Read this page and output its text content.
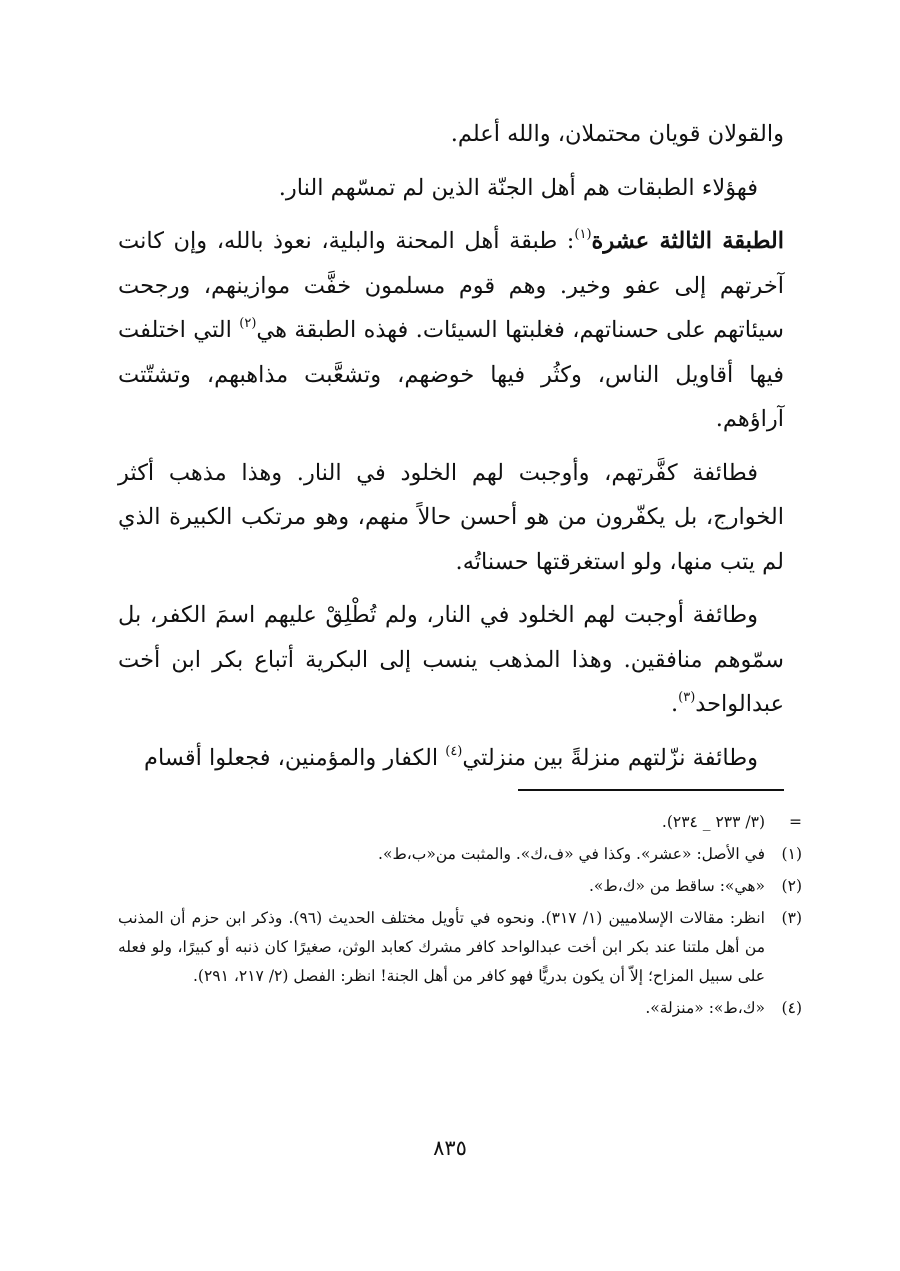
والقولان قويان محتملان، والله أعلم.

فهؤلاء الطبقات هم أهل الجنّة الذين لم تمسّهم النار.

الطبقة الثالثة عشرة$^{(١)}$: طبقة أهل المحنة والبلية، نعوذ بالله، وإن كانت آخرتهم إلى عفو وخير. وهم قوم مسلمون خفَّت موازينهم، ورجحت سيئاتهم على حسناتهم، فغلبتها السيئات. فهذه الطبقة هي$^{(٢)}$ التي اختلفت فيها أقاويل الناس، وكثُر فيها خوضهم، وتشعَّبت مذاهبهم، وتشتّتت آراؤهم.

فطائفة كفَّرتهم، وأوجبت لهم الخلود في النار. وهذا مذهب أكثر الخوارج، بل يكفّرون من هو أحسن حالاً منهم، وهو مرتكب الكبيرة الذي لم يتب منها، ولو استغرقتها حسناتُه.

وطائفة أوجبت لهم الخلود في النار، ولم تُطْلِقْ عليهم اسمَ الكفر، بل سمّوهم منافقين. وهذا المذهب ينسب إلى البكرية أتباع بكر ابن أخت عبدالواحد$^{(٣)}$.

وطائفة نزّلتهم منزلةً بين منزلتي$^{(٤)}$ الكفار والمؤمنين، فجعلوا أقسام

=
(٣/ ٢٣٣ _ ٢٣٤).
(١)
في الأصل: «عشر». وكذا في «ف،ك». والمثبت من«ب،ط».
(٢)
«هي»: ساقط من «ك،ط».
(٣)
انظر: مقالات الإسلاميين (١/ ٣١٧). ونحوه في تأويل مختلف الحديث (٩٦). وذكر ابن حزم أن المذنب من أهل ملتنا عند بكر ابن أخت عبدالواحد كافر مشرك كعابد الوثن، صغيرًا كان ذنبه أو كبيرًا، ولو فعله على سبيل المزاح؛ إلاّ أن يكون بدريًّا فهو كافر من أهل الجنة! انظر: الفصل (٢/ ٢١٧، ٢٩١).
(٤)
«ك،ط»: «منزلة».
٨٣٥
